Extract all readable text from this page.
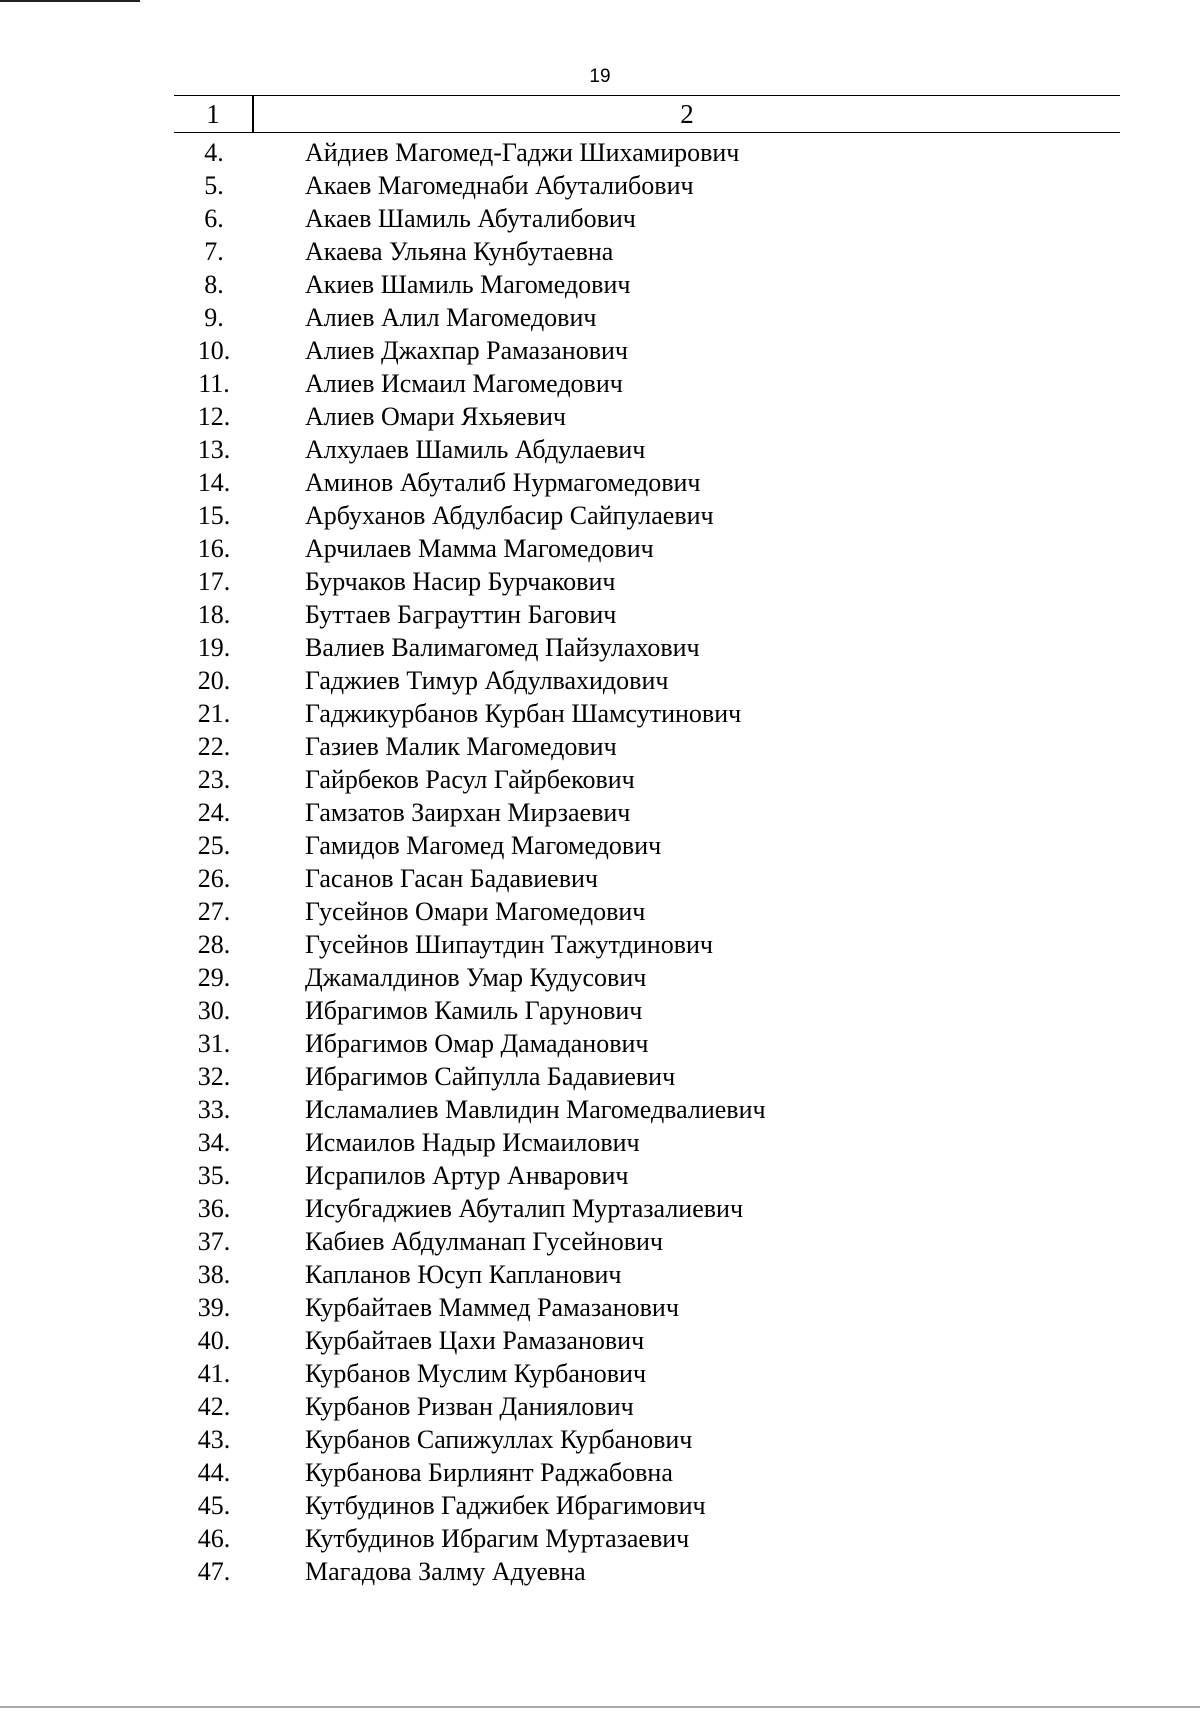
19
1	2
4.	Айдиев Магомед-Гаджи Шихамирович
5.	Акаев Магомеднаби Абуталибович
6.	Акаев Шамиль Абуталибович
7.	Акаева Ульяна Кунбутаевна
8.	Акиев Шамиль Магомедович
9.	Алиев Алил Магомедович
10.	Алиев Джахпар Рамазанович
11.	Алиев Исмаил Магомедович
12.	Алиев Омари Яхьяевич
13.	Алхулаев Шамиль Абдулаевич
14.	Аминов Абуталиб Нурмагомедович
15.	Арбуханов Абдулбасир Сайпулаевич
16.	Арчилаев Мамма Магомедович
17.	Бурчаков Насир Бурчакович
18.	Буттаев Баграуттин Багович
19.	Валиев Валимагомед Пайзулахович
20.	Гаджиев Тимур Абдулвахидович
21.	Гаджикурбанов Курбан Шамсутинович
22.	Газиев Малик Магомедович
23.	Гайрбеков Расул Гайрбекович
24.	Гамзатов Заирхан Мирзаевич
25.	Гамидов Магомед Магомедович
26.	Гасанов Гасан Бадавиевич
27.	Гусейнов Омари Магомедович
28.	Гусейнов Шипаутдин Тажутдинович
29.	Джамалдинов Умар Кудусович
30.	Ибрагимов Камиль Гарунович
31.	Ибрагимов Омар Дамаданович
32.	Ибрагимов Сайпулла Бадавиевич
33.	Исламалиев Мавлидин Магомедвалиевич
34.	Исмаилов Надыр Исмаилович
35.	Исрапилов Артур Анварович
36.	Исубгаджиев Абуталип Муртазалиевич
37.	Кабиев Абдулманап Гусейнович
38.	Капланов Юсуп Капланович
39.	Курбайтаев Маммед Рамазанович
40.	Курбайтаев Цахи Рамазанович
41.	Курбанов Муслим Курбанович
42.	Курбанов Ризван Даниялович
43.	Курбанов Сапижуллах Курбанович
44.	Курбанова Бирлиянт Раджабовна
45.	Кутбудинов Гаджибек Ибрагимович
46.	Кутбудинов Ибрагим Муртазаевич
47.	Магадова Залму Адуевна
